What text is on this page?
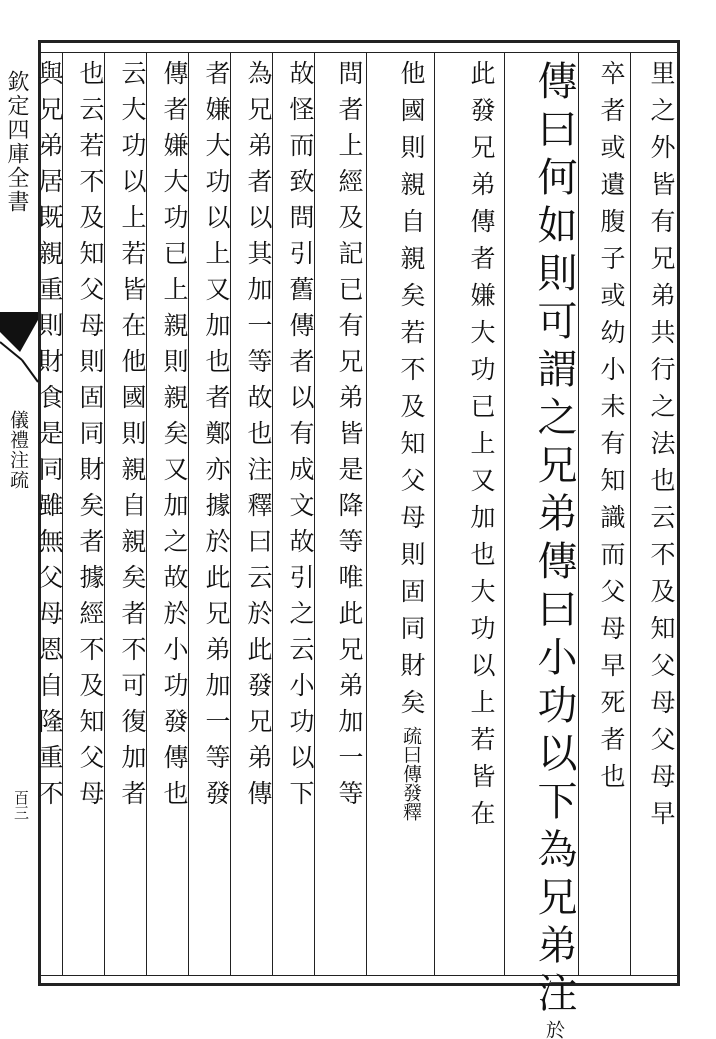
欽定四庫全書
儀禮注疏
百三	里之外皆有兄弟共行之法也云不及知父母父母早
卒者或遺腹子或幼小未有知識而父母早死者也
傳曰何如則可謂之兄弟傳曰小功以下為兄弟注於
此發兄弟傳者嫌大功已上又加也大功以上若皆在
他國則親自親矣若不及知父母則固同財矣疏曰傳發釋
問者上經及記已有兄弟皆是降等唯此兄弟加一等
故怪而致問引舊傳者以有成文故引之云小功以下
為兄弟者以其加一等故也注釋曰云於此發兄弟傳
者嫌大功以上又加也者鄭亦據於此兄弟加一等發
傳者嫌大功已上親則親矣又加之故於小功發傳也
云大功以上若皆在他國則親自親矣者不可復加者
也云若不及知父母則固同財矣者據經不及知父母
與兄弟居既親重則財食是同雖無父母恩自隆重不
